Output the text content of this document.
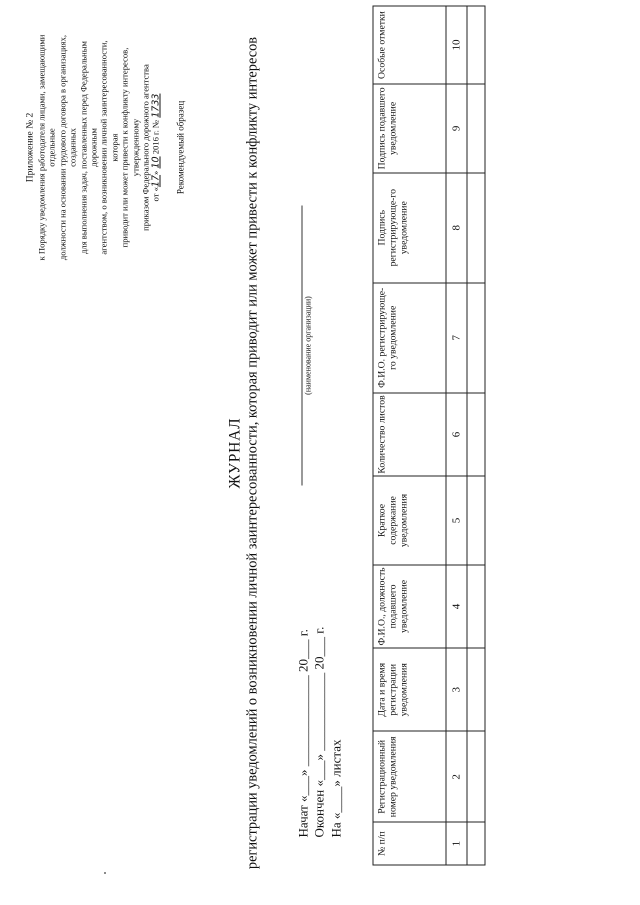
Приложение № 2 к Порядку уведомления работодателя лицами, замещающими отдельные должности на основании трудового договора в организациях, созданных для выполнения задач, поставленных перед Федеральным дорожным агентством, о возникновении личной заинтересованности, которая приводит или может привести к конфликту интересов, утвержденному приказом Федерального дорожного агентства от «17» 10 2016 г. № 1733 Рекомендуемый образец
ЖУРНАЛ регистрации уведомлений о возникновении личной заинтересованности, которая приводит или может привести к конфликту интересов	(наименование организации)
Начат «___» ______________ 20___ г. Окончен «___» ____________ 20___ г. На «____» листах
№ п/п	Регистрационный номер уведомления	Дата и время регистрации уведомления	Ф.И.О., должность подавшего уведомление	Краткое содержание уведомления	Количество листов	Ф.И.О. регистрирующе-го уведомление	Подпись регистрирующе-го уведомление	Подпись подавшего уведомление	Особые отметки
1	2	3	4	5	6	7	8	9	10
